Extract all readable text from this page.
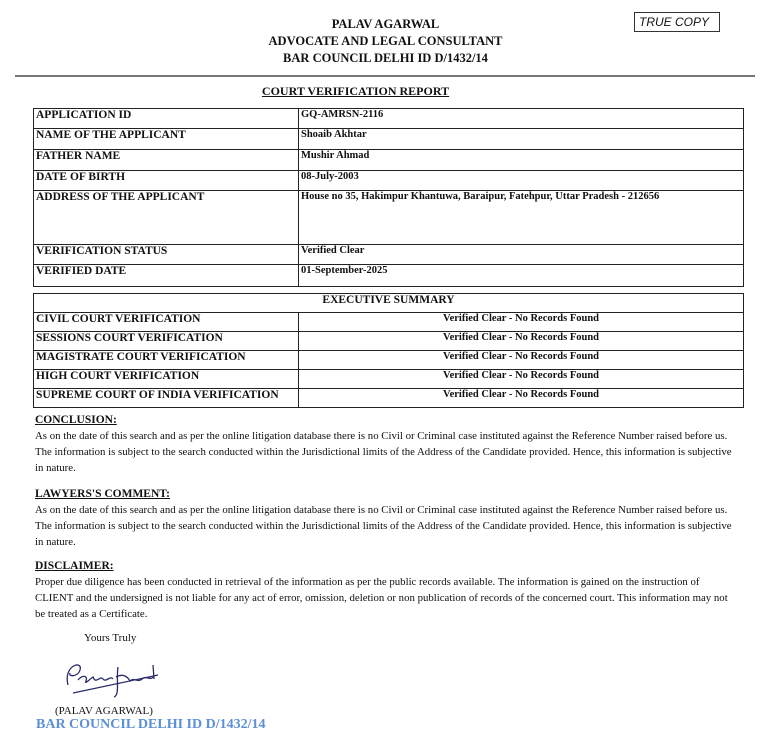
PALAV AGARWAL
ADVOCATE AND LEGAL CONSULTANT
BAR COUNCIL DELHI ID D/1432/14
TRUE COPY
COURT VERIFICATION REPORT
APPLICATION ID	GQ-AMRSN-2116
NAME OF THE APPLICANT	Shoaib Akhtar
FATHER NAME	Mushir Ahmad
DATE OF BIRTH	08-July-2003
ADDRESS OF THE APPLICANT	House no 35, Hakimpur Khantuwa, Baraipur, Fatehpur, Uttar Pradesh - 212656
VERIFICATION STATUS	Verified Clear
VERIFIED DATE	01-September-2025
EXECUTIVE SUMMARY	
CIVIL COURT VERIFICATION	Verified Clear - No Records Found
SESSIONS COURT VERIFICATION	Verified Clear - No Records Found
MAGISTRATE COURT VERIFICATION	Verified Clear - No Records Found
HIGH COURT VERIFICATION	Verified Clear - No Records Found
SUPREME COURT OF INDIA VERIFICATION	Verified Clear - No Records Found
CONCLUSION:
As on the date of this search and as per the online litigation database there is no Civil or Criminal case instituted against the Reference Number raised before us. The information is subject to the search conducted within the Jurisdictional limits of the Address of the Candidate provided. Hence, this information is subjective in nature.
LAWYERS'S COMMENT:
As on the date of this search and as per the online litigation database there is no Civil or Criminal case instituted against the Reference Number raised before us. The information is subject to the search conducted within the Jurisdictional limits of the Address of the Candidate provided. Hence, this information is subjective in nature.
DISCLAIMER:
Proper due diligence has been conducted in retrieval of the information as per the public records available. The information is gained on the instruction of CLIENT and the undersigned is not liable for any act of error, omission, deletion or non publication of records of the concerned court. This information may not be treated as a Certificate.
Yours Truly
(PALAV AGARWAL)
BAR COUNCIL DELHI ID D/1432/14
